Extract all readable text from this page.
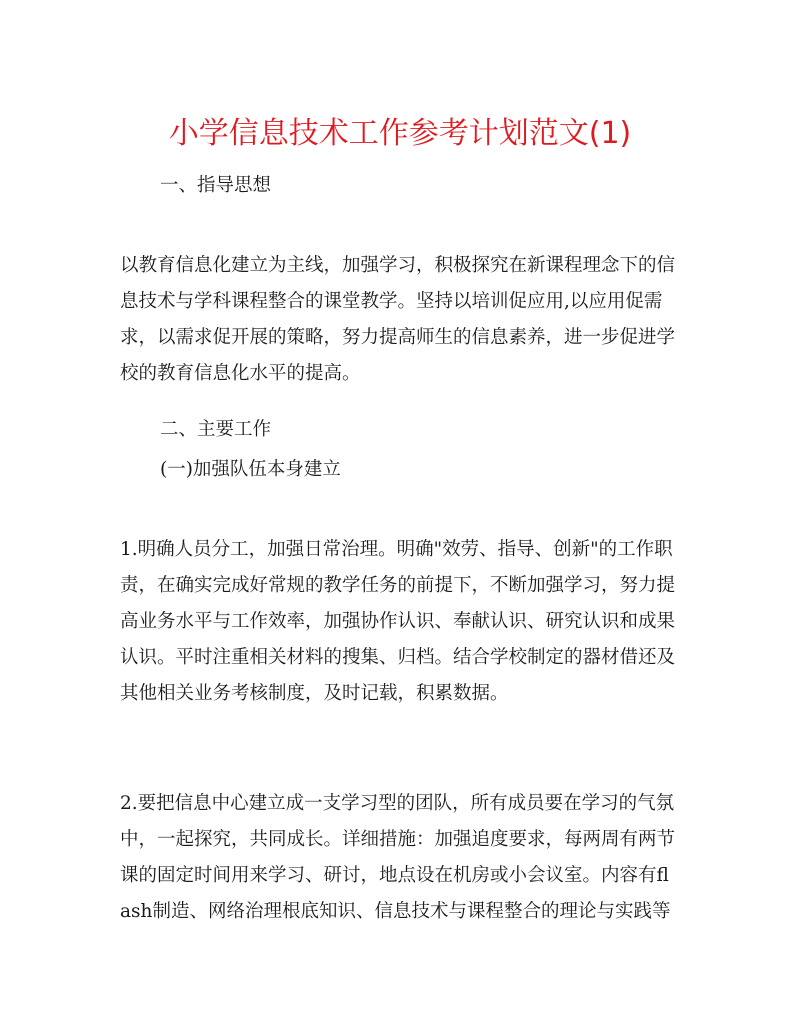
小学信息技术工作参考计划范文(1)
一、指导思想
以教育信息化建立为主线，加强学习，积极探究在新课程理念下的信
息技术与学科课程整合的课堂教学。坚持以培训促应用,以应用促需
求，以需求促开展的策略，努力提高师生的信息素养，进一步促进学
校的教育信息化水平的提高。
二、主要工作
(一)加强队伍本身建立
1.明确人员分工，加强日常治理。明确"效劳、指导、创新"的工作职
责，在确实完成好常规的教学任务的前提下，不断加强学习，努力提
高业务水平与工作效率，加强协作认识、奉献认识、研究认识和成果
认识。平时注重相关材料的搜集、归档。结合学校制定的器材借还及
其他相关业务考核制度，及时记载，积累数据。
2.要把信息中心建立成一支学习型的团队，所有成员要在学习的气氛
中，一起探究，共同成长。详细措施：加强追度要求，每两周有两节
课的固定时间用来学习、研讨，地点设在机房或小会议室。内容有fl
ash制造、网络治理根底知识、信息技术与课程整合的理论与实践等
